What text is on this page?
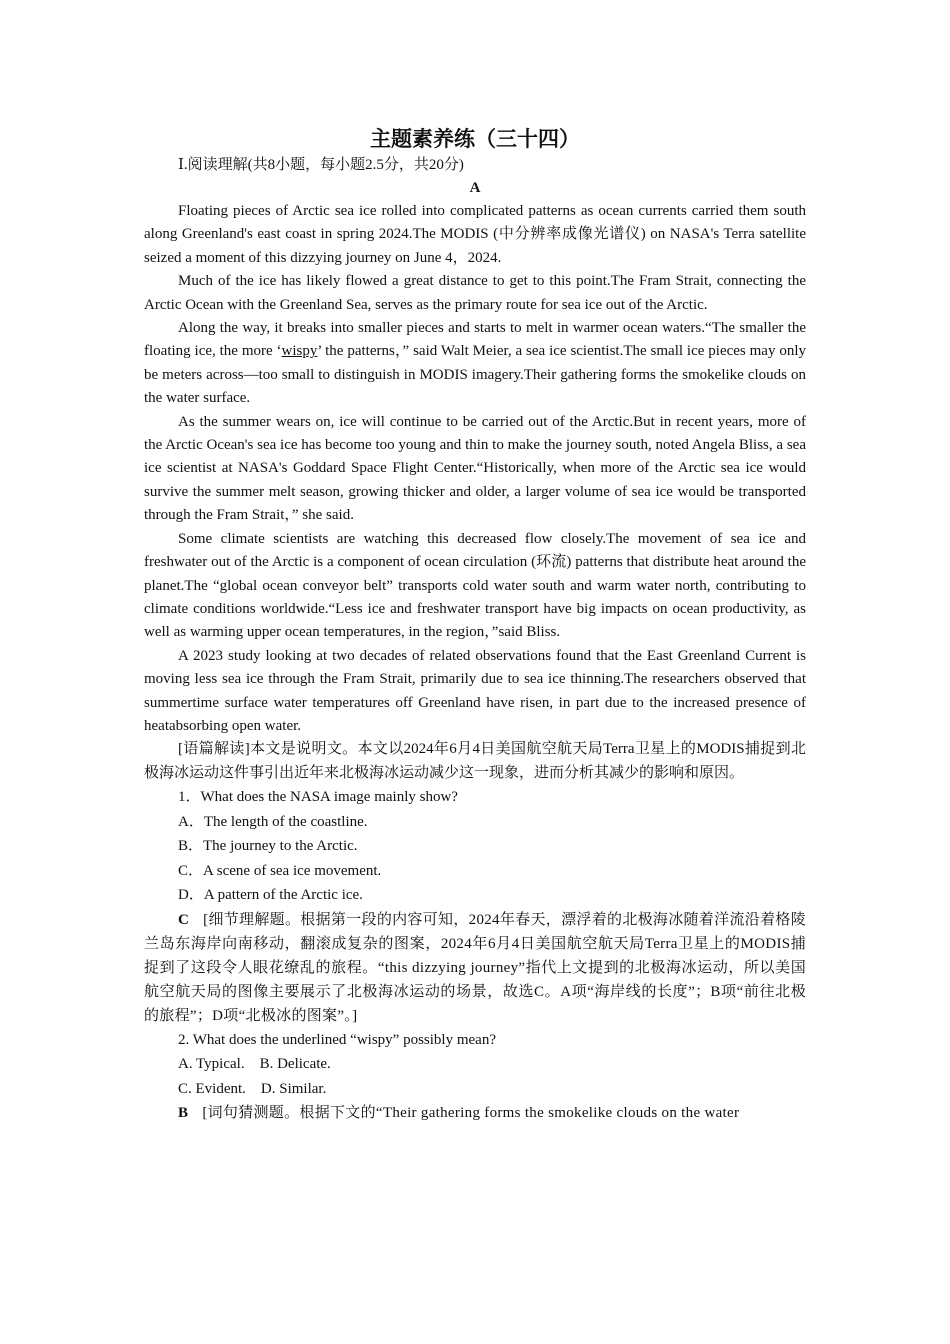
主题素养练（三十四）

Ⅰ.阅读理解(共8小题，每小题2.5分，共20分)

A

Floating pieces of Arctic sea ice rolled into complicated patterns as ocean currents carried them south along Greenland's east coast in spring 2024.The MODIS (中分辨率成像光谱仪) on NASA's Terra satellite seized a moment of this dizzying journey on June 4，2024.

Much of the ice has likely flowed a great distance to get to this point.The Fram Strait, connecting the Arctic Ocean with the Greenland Sea, serves as the primary route for sea ice out of the Arctic.

Along the way, it breaks into smaller pieces and starts to melt in warmer ocean waters.“The smaller the floating ice, the more ‘wispy’ the patterns，” said Walt Meier, a sea ice scientist.The small ice pieces may only be meters across—too small to distinguish in MODIS imagery.Their gathering forms the smokelike clouds on the water surface.

As the summer wears on, ice will continue to be carried out of the Arctic.But in recent years, more of the Arctic Ocean's sea ice has become too young and thin to make the journey south, noted Angela Bliss, a sea ice scientist at NASA's Goddard Space Flight Center.“Historically, when more of the Arctic sea ice would survive the summer melt season, growing thicker and older, a larger volume of sea ice would be transported through the Fram Strait，” she said.

Some climate scientists are watching this decreased flow closely.The movement of sea ice and freshwater out of the Arctic is a component of ocean circulation (环流) patterns that distribute heat around the planet.The “global ocean conveyor belt” transports cold water south and warm water north, contributing to climate conditions worldwide.“Less ice and freshwater transport have big impacts on ocean productivity, as well as warming upper ocean temperatures, in the region，”said Bliss.

A 2023 study looking at two decades of related observations found that the East Greenland Current is moving less sea ice through the Fram Strait, primarily due to sea ice thinning.The researchers observed that summertime surface water temperatures off Greenland have risen, in part due to the increased presence of heatabsorbing open water.

[语篇解读]本文是说明文。本文以2024年6月4日美国航空航天局Terra卫星上的MODIS捕捉到北极海冰运动这件事引出近年来北极海冰运动减少这一现象，进而分析其减少的影响和原因。

1．What does the NASA image mainly show?

A．The length of the coastline.

B．The journey to the Arctic.

C．A scene of sea ice movement.

D．A pattern of the Arctic ice.

C [细节理解题。根据第一段的内容可知，2024年春天，漂浮着的北极海冰随着洋流沿着格陵兰岛东海岸向南移动，翻滚成复杂的图案，2024年6月4日美国航空航天局Terra卫星上的MODIS捕捉到了这段令人眼花缭乱的旅程。“this dizzying journey”指代上文提到的北极海冰运动，所以美国航空航天局的图像主要展示了北极海冰运动的场景，故选C。A项“海岸线的长度”；B项“前往北极的旅程”；D项“北极冰的图案”。]

2. What does the underlined “wispy” possibly mean?

A. Typical. B. Delicate.

C. Evident. D. Similar.

B [词句猜测题。根据下文的“Their gathering forms the smokelike clouds on the water
